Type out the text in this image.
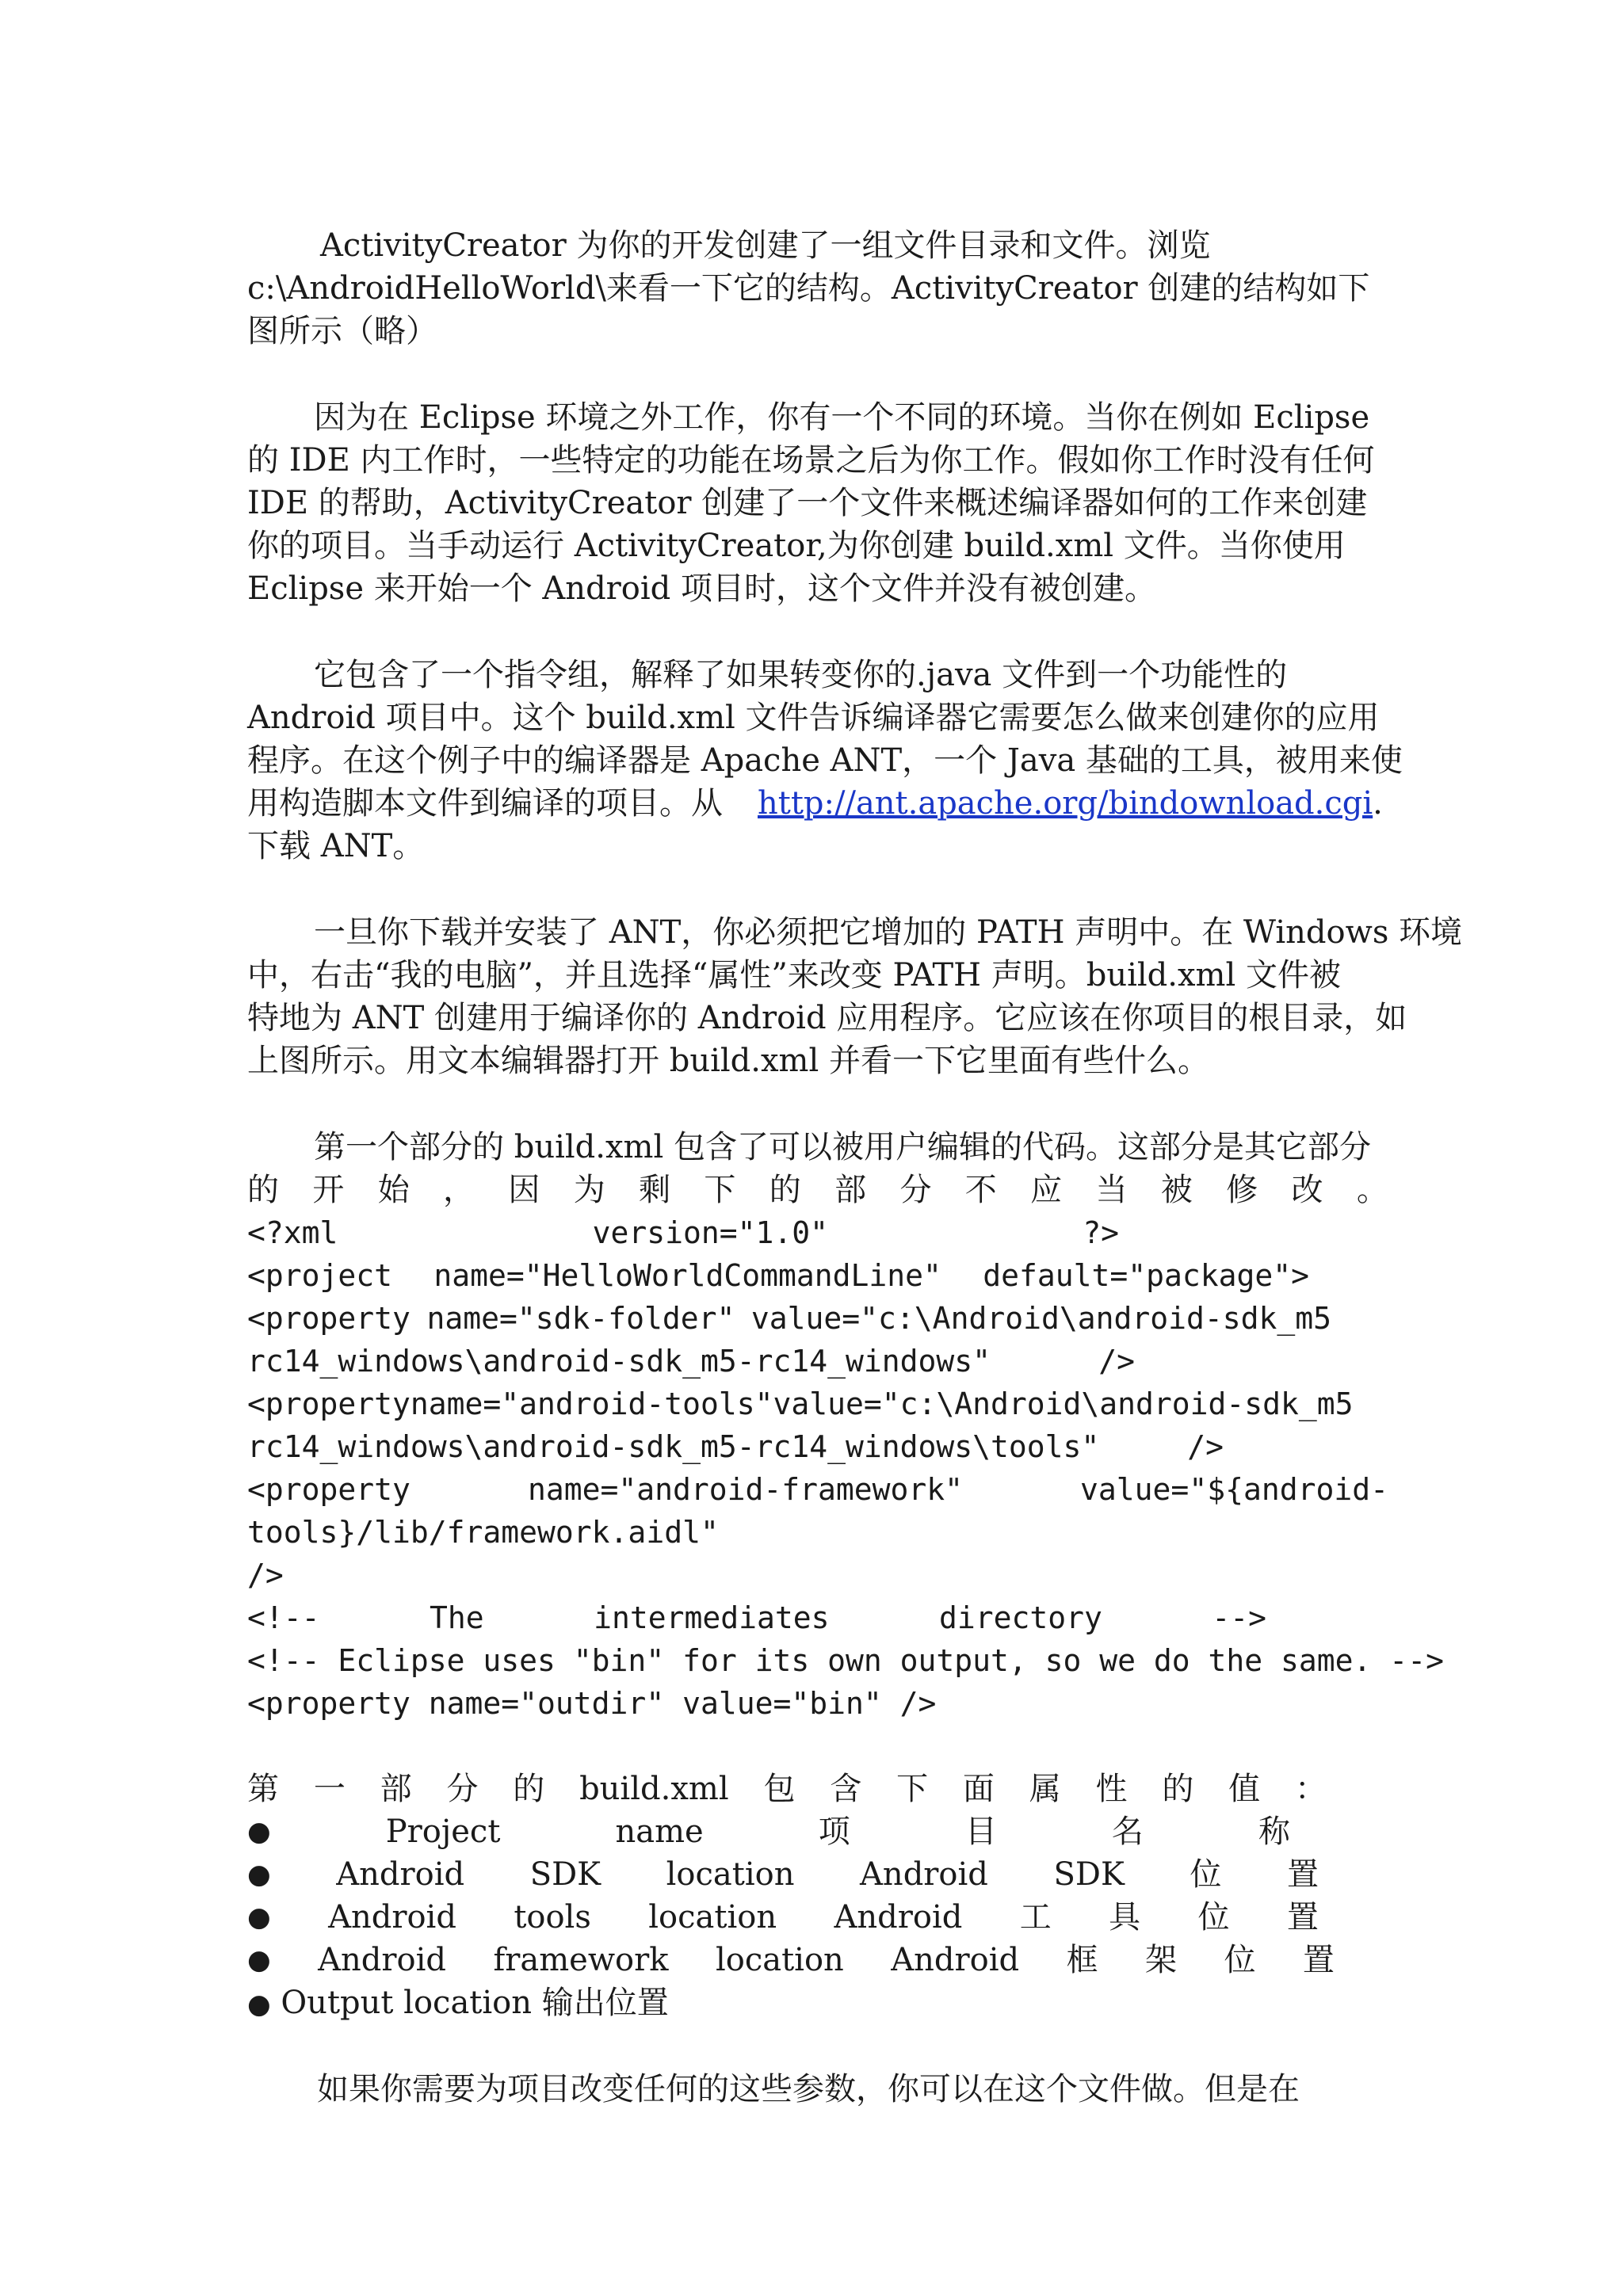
ActivityCreator 为你的开发创建了一组文件目录和文件。浏览
c:\AndroidHelloWorld\来看一下它的结构。ActivityCreator 创建的结构如下
图所示（略）
因为在 Eclipse 环境之外工作，你有一个不同的环境。当你在例如 Eclipse
的 IDE 内工作时，一些特定的功能在场景之后为你工作。假如你工作时没有任何
IDE 的帮助，ActivityCreator 创建了一个文件来概述编译器如何的工作来创建
你的项目。当手动运行 ActivityCreator,为你创建 build.xml 文件。当你使用
Eclipse 来开始一个 Android 项目时，这个文件并没有被创建。
它包含了一个指令组，解释了如果转变你的.java 文件到一个功能性的
Android 项目中。这个 build.xml 文件告诉编译器它需要怎么做来创建你的应用
程序。在这个例子中的编译器是 Apache ANT，一个 Java 基础的工具，被用来使
用构造脚本文件到编译的项目。从 http://ant.apache.org/bindownload.cgi.
下载 ANT。
一旦你下载并安装了 ANT，你必须把它增加的 PATH 声明中。在 Windows 环境
中，右击“我的电脑”，并且选择“属性”来改变 PATH 声明。build.xml 文件被
特地为 ANT 创建用于编译你的 Android 应用程序。它应该在你项目的根目录，如
上图所示。用文本编辑器打开 build.xml 并看一下它里面有些什么。
第一个部分的 build.xml 包含了可以被用户编辑的代码。这部分是其它部分
的 开 始 ， 因 为 剩 下 的 部 分 不 应 当 被 修 改 。
<?xml	version="1.0"	?>
<project name="HelloWorldCommandLine" default="package">
<property name="sdk-folder" value="c:\Android\android-sdk_m5
rc14_windows\android-sdk_m5-rc14_windows"	/>
<property name="android-tools" value="c:\Android\android-sdk_m5
rc14_windows\android-sdk_m5-rc14_windows\tools"	/>
<property	name="android-framework"	value="${android-
tools}/lib/framework.aidl"
/>
<!--	The	intermediates	directory	-->
<!-- Eclipse uses "bin" for its own output, so we do the same. -->
<property name="outdir" value="bin" />
第 一 部 分 的 build.xml 包 含 下 面 属 性 的 值 ：
●	Project	name	项	目	名	称
● Android SDK location Android SDK 位 置
● Android tools location Android 工 具 位 置
● Android framework location Android 框 架 位 置
● Output location 输出位置
如果你需要为项目改变任何的这些参数，你可以在这个文件做。但是在
